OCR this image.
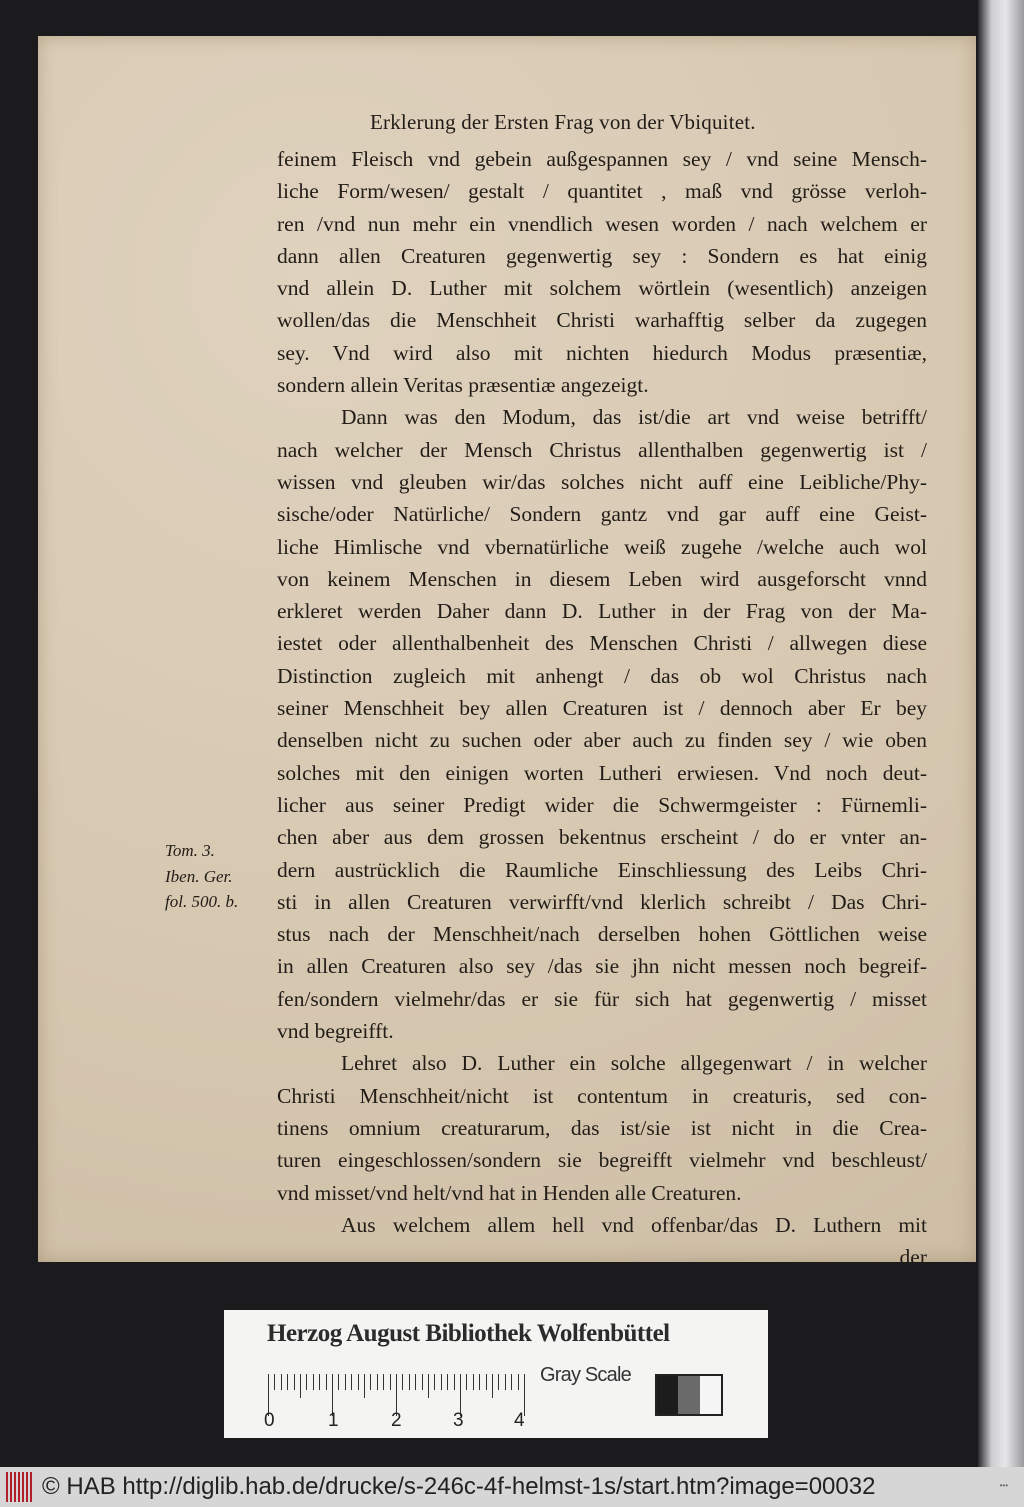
Erklerung der Ersten Frag von der Vbiquitet.
feinem Fleisch vnd gebein außgespannen sey / vnd seine Mensch-
liche Form/wesen/ gestalt / quantitet , maß vnd grösse verloh-
ren /vnd nun mehr ein vnendlich wesen worden / nach welchem er
dann allen Creaturen gegenwertig sey : Sondern es hat einig
vnd allein D. Luther mit solchem wörtlein (wesentlich) anzeigen
wollen/das die Menschheit Christi warhafftig selber da zugegen
sey. Vnd wird also mit nichten hiedurch Modus præsentiæ,
sondern allein Veritas præsentiæ angezeigt.
Dann was den Modum, das ist/die art vnd weise betrifft/
nach welcher der Mensch Christus allenthalben gegenwertig ist /
wissen vnd gleuben wir/das solches nicht auff eine Leibliche/Phy-
sische/oder Natürliche/ Sondern gantz vnd gar auff eine Geist-
liche Himlische vnd vbernatürliche weiß zugehe /welche auch wol
von keinem Menschen in diesem Leben wird ausgeforscht vnnd
erkleret werden Daher dann D. Luther in der Frag von der Ma-
iestet oder allenthalbenheit des Menschen Christi / allwegen diese
Distinction zugleich mit anhengt / das ob wol Christus nach
seiner Menschheit bey allen Creaturen ist / dennoch aber Er bey
denselben nicht zu suchen oder aber auch zu finden sey / wie oben
solches mit den einigen worten Lutheri erwiesen. Vnd noch deut-
licher aus seiner Predigt wider die Schwermgeister : Fürnemli-
chen aber aus dem grossen bekentnus erscheint / do er vnter an-
dern austrücklich die Raumliche Einschliessung des Leibs Chri-
sti in allen Creaturen verwirfft/vnd klerlich schreibt / Das Chri-
stus nach der Menschheit/nach derselben hohen Göttlichen weise
in allen Creaturen also sey /das sie jhn nicht messen noch begreif-
fen/sondern vielmehr/das er sie für sich hat gegenwertig / misset
vnd begreifft.
Lehret also D. Luther ein solche allgegenwart / in welcher
Christi Menschheit/nicht ist contentum in creaturis, sed con-
tinens omnium creaturarum, das ist/sie ist nicht in die Crea-
turen eingeschlossen/sondern sie begreifft vielmehr vnd beschleust/
vnd misset/vnd helt/vnd hat in Henden alle Creaturen.
Aus welchem allem hell vnd offenbar/das D. Luthern mit
der
Tom. 3.
Iben. Ger.
fol. 500. b.
Herzog August Bibliothek Wolfenbüttel
0	1	2	3	4
Gray Scale
© HAB http://diglib.hab.de/drucke/s-246c-4f-helmst-1s/start.htm?image=00032	•••
